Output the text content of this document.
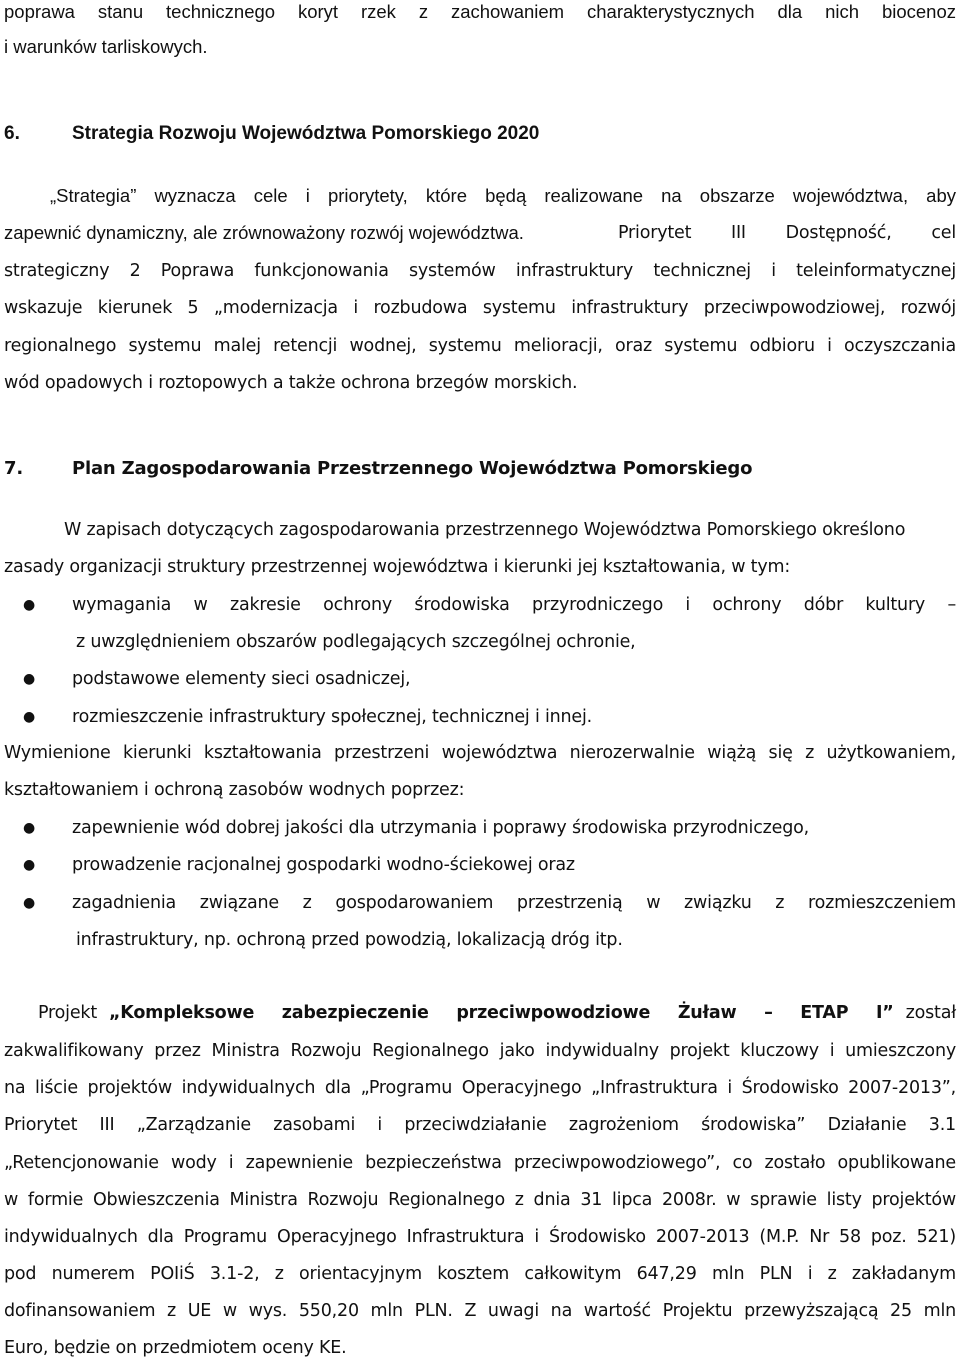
poprawa stanu technicznego koryt rzek z zachowaniem charakterystycznych dla nich biocenoz
i warunków tarliskowych.
6.	Strategia Rozwoju Województwa Pomorskiego 2020
„Strategia” wyznacza cele i priorytety, które będą realizowane na obszarze województwa, aby
zapewnić dynamiczny, ale zrównoważony rozwój województwa.	Priorytet III Dostępność, cel
strategiczny 2 Poprawa funkcjonowania systemów infrastruktury technicznej i teleinformatycznej
wskazuje kierunek 5 „modernizacja i rozbudowa systemu infrastruktury przeciwpowodziowej, rozwój
regionalnego systemu malej retencji wodnej, systemu melioracji, oraz systemu odbioru i oczyszczania
wód opadowych i roztopowych a także ochrona brzegów morskich.
7.	Plan Zagospodarowania Przestrzennego Województwa Pomorskiego
W zapisach dotyczących zagospodarowania przestrzennego Województwa Pomorskiego określono
zasady organizacji struktury przestrzennej województwa i kierunki jej kształtowania, w tym:
● wymagania w zakresie ochrony środowiska przyrodniczego i ochrony dóbr kultury –
z uwzględnieniem obszarów podlegających szczególnej ochronie,
● podstawowe elementy sieci osadniczej,
● rozmieszczenie infrastruktury społecznej, technicznej i innej.
Wymienione kierunki kształtowania przestrzeni województwa nierozerwalnie wiążą się z użytkowaniem,
kształtowaniem i ochroną zasobów wodnych poprzez:
● zapewnienie wód dobrej jakości dla utrzymania i poprawy środowiska przyrodniczego,
● prowadzenie racjonalnej gospodarki wodno-ściekowej oraz
● zagadnienia związane z gospodarowaniem przestrzenią w związku z rozmieszczeniem
infrastruktury, np. ochroną przed powodzią, lokalizacją dróg itp.
Projekt „Kompleksowe zabezpieczenie przeciwpowodziowe Żuław – ETAP I” został
zakwalifikowany przez Ministra Rozwoju Regionalnego jako indywidualny projekt kluczowy i umieszczony
na liście projektów indywidualnych dla „Programu Operacyjnego „Infrastruktura i Środowisko 2007-2013”,
Priorytet III „Zarządzanie zasobami i przeciwdziałanie zagrożeniom środowiska” Działanie 3.1
„Retencjonowanie wody i zapewnienie bezpieczeństwa przeciwpowodziowego”, co zostało opublikowane
w formie Obwieszczenia Ministra Rozwoju Regionalnego z dnia 31 lipca 2008r. w sprawie listy projektów
indywidualnych dla Programu Operacyjnego Infrastruktura i Środowisko 2007-2013 (M.P. Nr 58 poz. 521)
pod numerem POIiŚ 3.1-2, z orientacyjnym kosztem całkowitym 647,29 mln PLN i z zakładanym
dofinansowaniem z UE w wys. 550,20 mln PLN. Z uwagi na wartość Projektu przewyższającą 25 mln
Euro, będzie on przedmiotem oceny KE.
